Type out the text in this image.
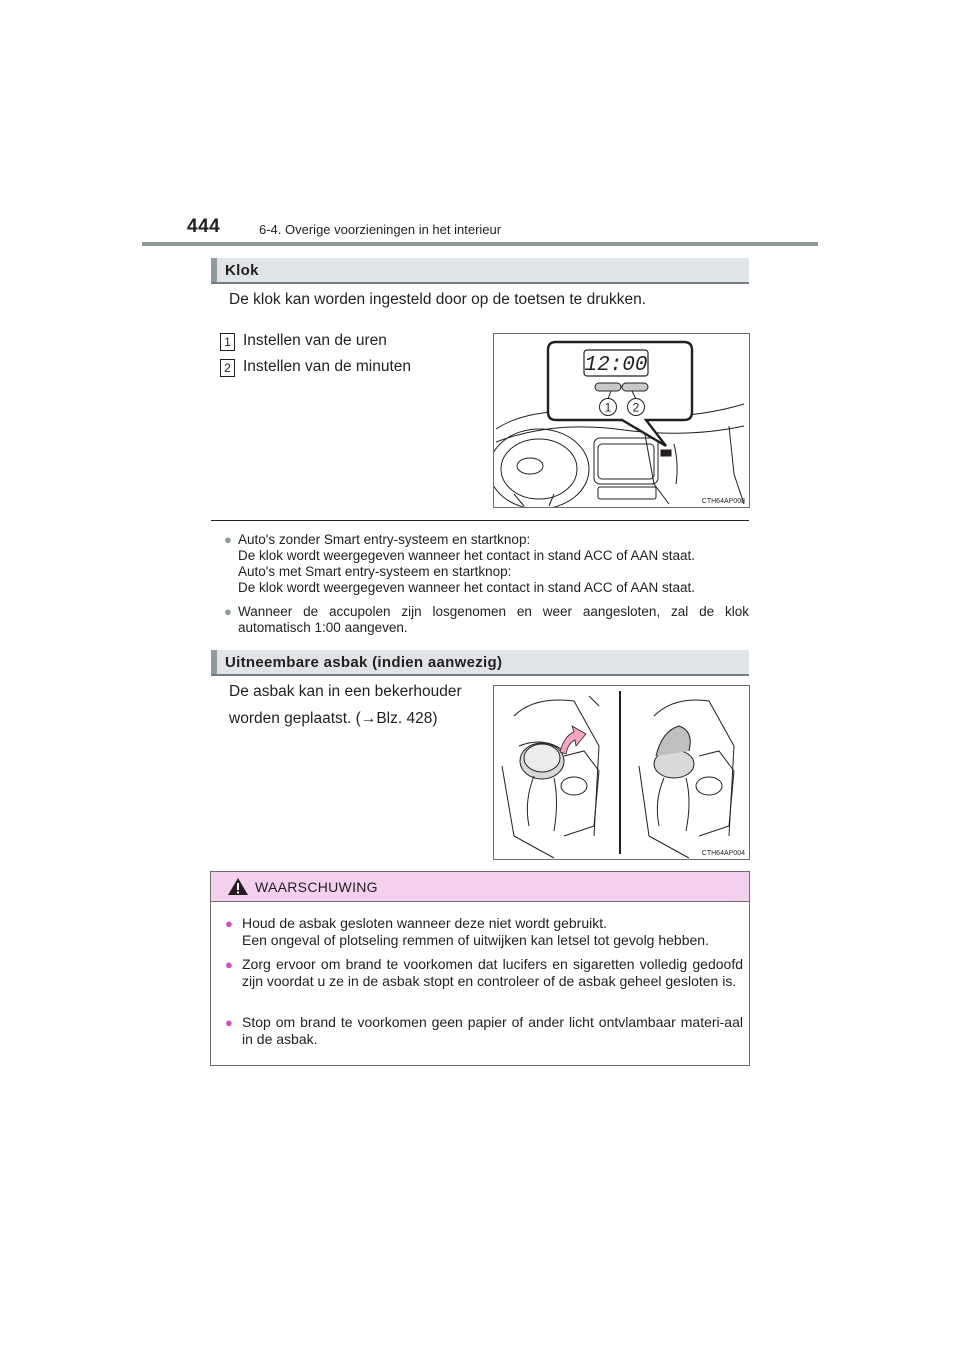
444	6-4. Overige voorzieningen in het interieur
Klok
De klok kan worden ingesteld door op de toetsen te drukken.
1 Instellen van de uren
2 Instellen van de minuten	12:00
1 2
CTH64AP008
● Auto's zonder Smart entry-systeem en startknop:
De klok wordt weergegeven wanneer het contact in stand ACC of AAN staat.
Auto's met Smart entry-systeem en startknop:
De klok wordt weergegeven wanneer het contact in stand ACC of AAN staat.
● Wanneer de accupolen zijn losgenomen en weer aangesloten, zal de klok automatisch 1:00 aangeven.
Uitneembare asbak (indien aanwezig)
De asbak kan in een bekerhouder
worden geplaatst. (→Blz. 428)
CTH64AP004
WAARSCHUWING
● Houd de asbak gesloten wanneer deze niet wordt gebruikt.
Een ongeval of plotseling remmen of uitwijken kan letsel tot gevolg hebben.
● Zorg ervoor om brand te voorkomen dat lucifers en sigaretten volledig gedoofd zijn voordat u ze in de asbak stopt en controleer of de asbak geheel gesloten is.
● Stop om brand te voorkomen geen papier of ander licht ontvlambaar materi-aal in de asbak.
